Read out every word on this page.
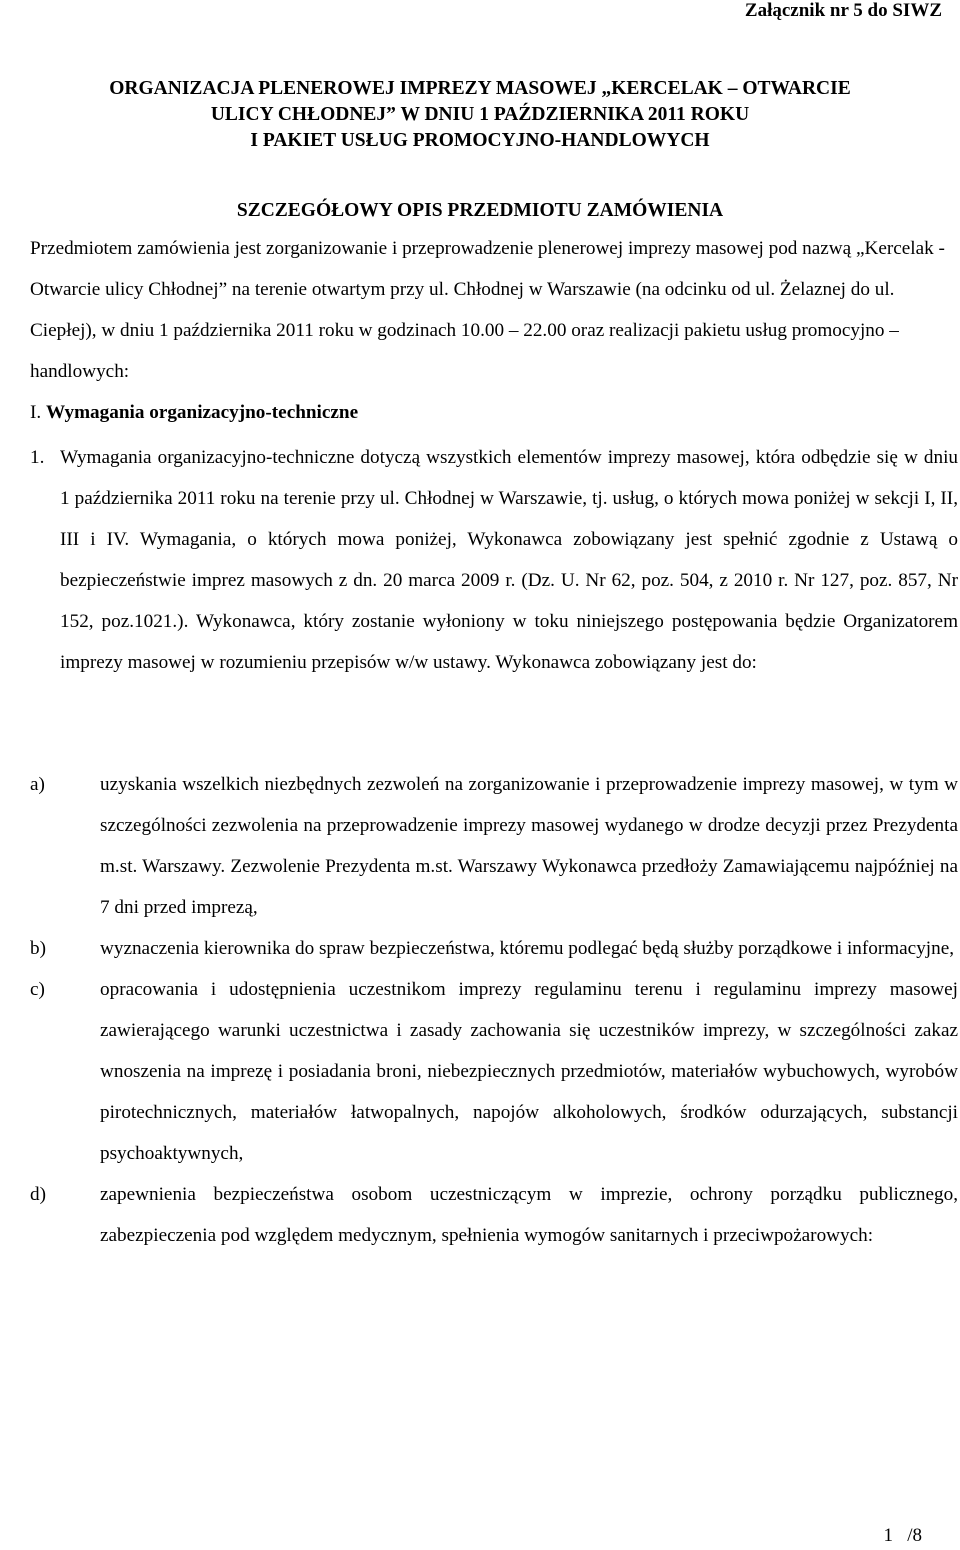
Załącznik nr 5 do SIWZ

ORGANIZACJA PLENEROWEJ IMPREZY MASOWEJ „KERCELAK – OTWARCIE
ULICY CHŁODNEJ” W DNIU 1 PAŹDZIERNIKA 2011 ROKU
I PAKIET USŁUG PROMOCYJNO-HANDLOWYCH
SZCZEGÓŁOWY OPIS PRZEDMIOTU ZAMÓWIENIA

Przedmiotem zamówienia jest zorganizowanie i przeprowadzenie plenerowej imprezy masowej pod nazwą „Kercelak - Otwarcie ulicy Chłodnej” na terenie otwartym przy ul. Chłodnej w Warszawie (na odcinku od ul. Żelaznej do ul. Ciepłej), w dniu 1 października 2011 roku w godzinach 10.00 – 22.00 oraz realizacji pakietu usług promocyjno – handlowych:

I. Wymagania organizacyjno-techniczne
1. Wymagania organizacyjno-techniczne dotyczą wszystkich elementów imprezy masowej, która odbędzie się w dniu 1 października 2011 roku na terenie przy ul. Chłodnej w Warszawie, tj. usług, o których mowa poniżej w sekcji I, II, III i IV. Wymagania, o których mowa poniżej, Wykonawca zobowiązany jest spełnić zgodnie z Ustawą o bezpieczeństwie imprez masowych z dn. 20 marca 2009 r. (Dz. U. Nr 62, poz. 504, z 2010 r. Nr 127, poz. 857, Nr 152, poz.1021.). Wykonawca, który zostanie wyłoniony w toku niniejszego postępowania będzie Organizatorem imprezy masowej w rozumieniu przepisów w/w ustawy. Wykonawca zobowiązany jest do:
a)	uzyskania wszelkich niezbędnych zezwoleń na zorganizowanie i przeprowadzenie imprezy masowej, w tym w szczególności zezwolenia na przeprowadzenie imprezy masowej wydanego w drodze decyzji przez Prezydenta m.st. Warszawy. Zezwolenie Prezydenta m.st. Warszawy Wykonawca przedłoży Zamawiającemu najpóźniej na 7 dni przed imprezą,
b)	wyznaczenia kierownika do spraw bezpieczeństwa, któremu podlegać będą służby porządkowe i informacyjne,
c)	opracowania i udostępnienia uczestnikom imprezy regulaminu terenu i regulaminu imprezy masowej zawierającego warunki uczestnictwa i zasady zachowania się uczestników imprezy, w szczególności zakaz wnoszenia na imprezę i posiadania broni, niebezpiecznych przedmiotów, materiałów wybuchowych, wyrobów pirotechnicznych, materiałów łatwopalnych, napojów alkoholowych, środków odurzających, substancji psychoaktywnych,
d)	zapewnienia bezpieczeństwa osobom uczestniczącym w imprezie, ochrony porządku publicznego, zabezpieczenia pod względem medycznym, spełnienia wymogów sanitarnych i przeciwpożarowych:

1   /8
